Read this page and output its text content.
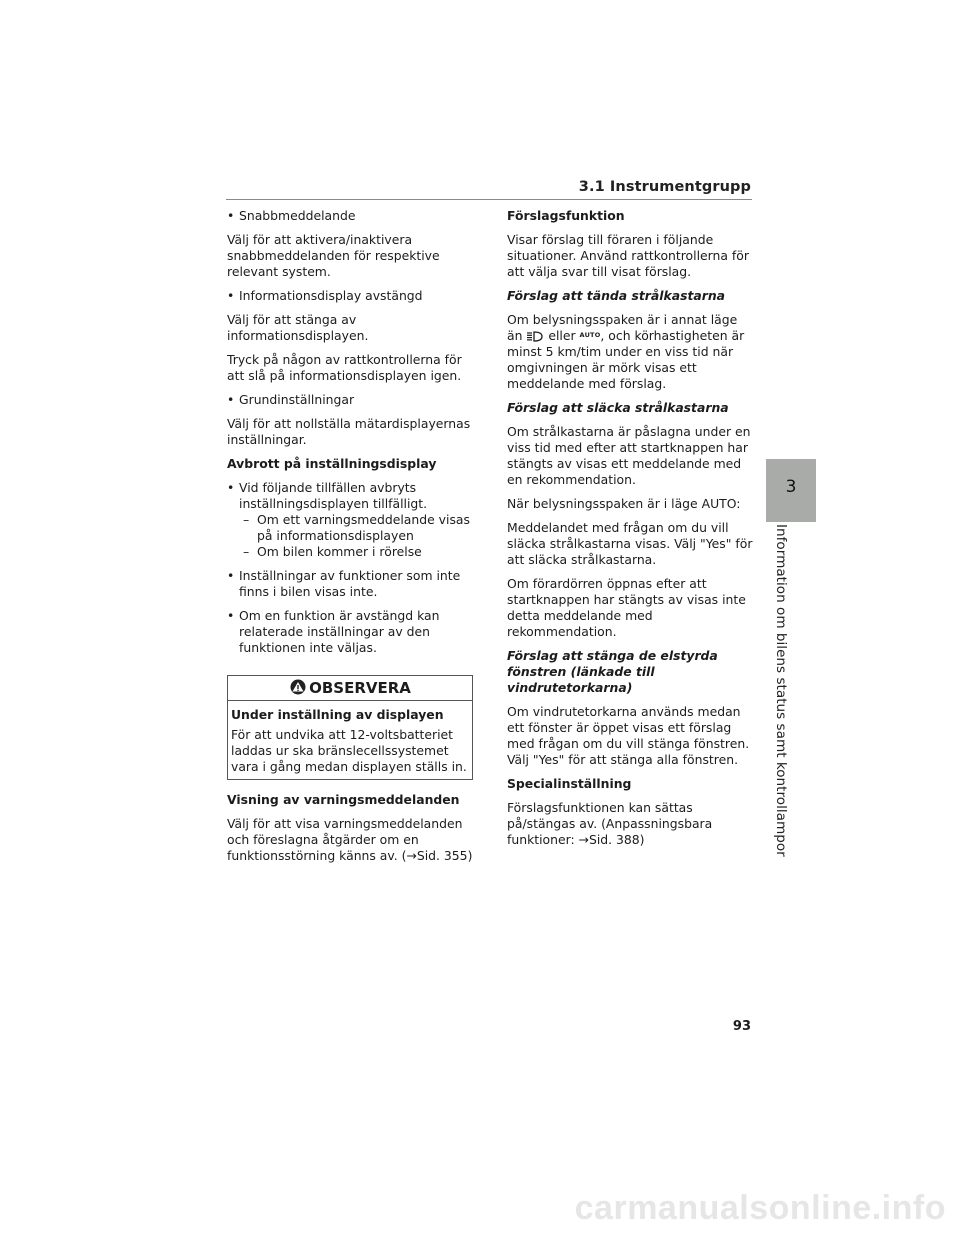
3.1 Instrumentgrupp
• Snabbmeddelande

Välj för att aktivera/inaktivera snabbmeddelanden för respektive relevant system.

• Informationsdisplay avstängd

Välj för att stänga av informationsdisplayen.

Tryck på någon av rattkontrollerna för att slå på informationsdisplayen igen.

• Grundinställningar

Välj för att nollställa mätardisplayernas inställningar.

Avbrott på inställningsdisplay

• Vid följande tillfällen avbryts inställningsdisplayen tillfälligt.

– Om ett varningsmeddelande visas på informationsdisplayen
– Om bilen kommer i rörelse
• Inställningar av funktioner som inte finns i bilen visas inte.
• Om en funktion är avstängd kan relaterade inställningar av den funktionen inte väljas.
OBSERVERA
Under inställning av displayen

För att undvika att 12-voltsbatteriet laddas ur ska bränslecellssystemet vara i gång medan displayen ställs in.

Visning av varningsmeddelanden

Välj för att visa varningsmeddelanden och föreslagna åtgärder om en funktionsstörning känns av. (→Sid. 355)

Förslagsfunktion

Visar förslag till föraren i följande situationer. Använd rattkontrollerna för att välja svar till visat förslag.

Förslag att tända strålkastarna

Om belysningsspaken är i annat läge än eller AUTO, och körhastigheten är minst 5 km/tim under en viss tid när omgivningen är mörk visas ett meddelande med förslag.

Förslag att släcka strålkastarna

Om strålkastarna är påslagna under en viss tid med efter att startknappen har stängts av visas ett meddelande med en rekommendation.

När belysningsspaken är i läge AUTO:

Meddelandet med frågan om du vill släcka strålkastarna visas. Välj "Yes" för att släcka strålkastarna.

Om förardörren öppnas efter att startknappen har stängts av visas inte detta meddelande med rekommendation.

Förslag att stänga de elstyrda fönstren (länkade till vindrutetorkarna)

Om vindrutetorkarna används medan ett fönster är öppet visas ett förslag med frågan om du vill stänga fönstren. Välj "Yes" för att stänga alla fönstren.

Specialinställning

Förslagsfunktionen kan sättas på/stängas av. (Anpassningsbara funktioner: →Sid. 388)

3
Information om bilens status samt kontrollampor
93
carmanualsonline.info
